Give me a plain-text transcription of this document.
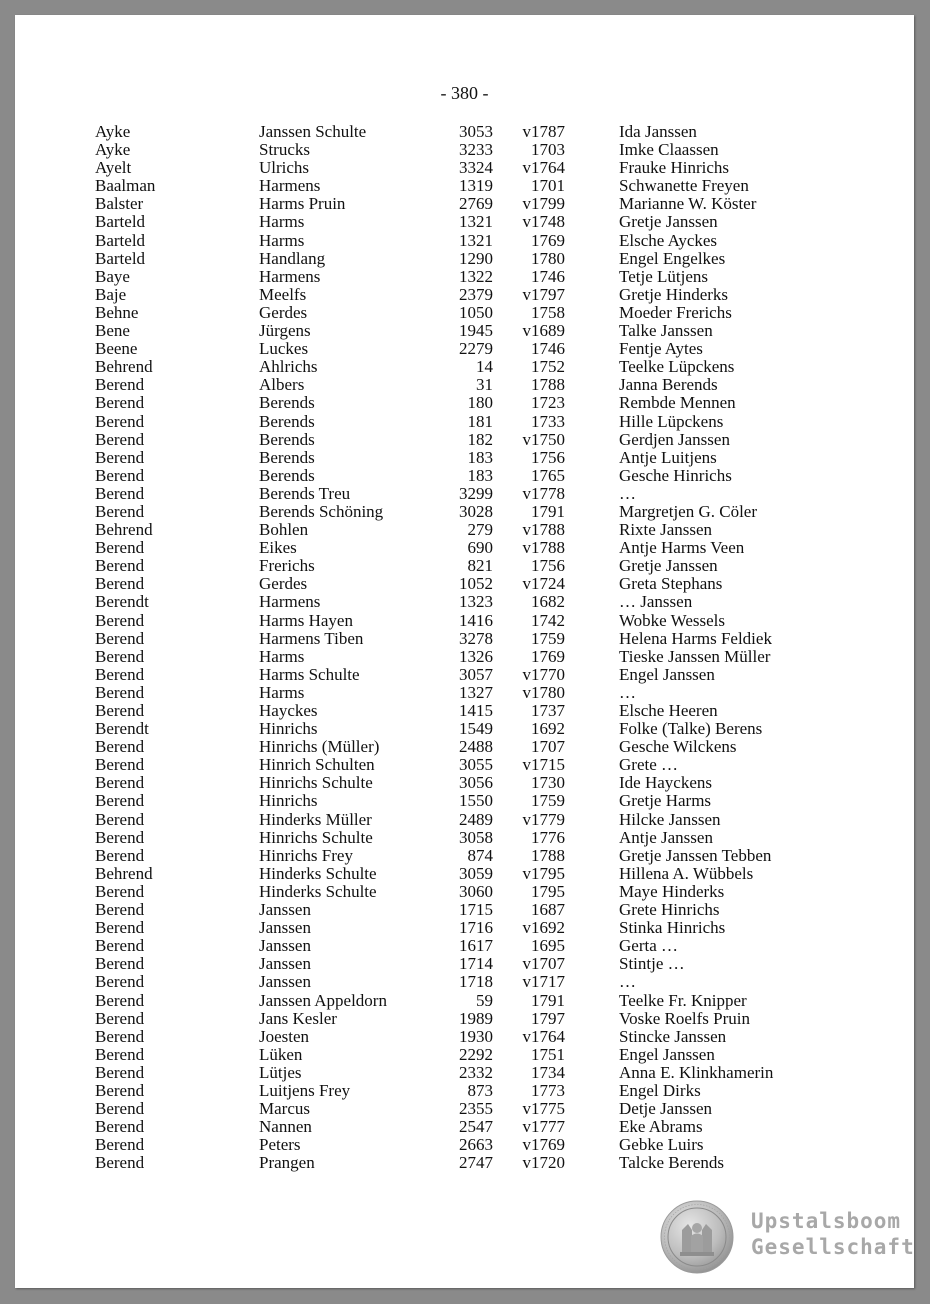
- 380 -
Ayke	Janssen Schulte	3053 v1787	Ida Janssen
Ayke	Strucks	3233 1703	Imke Claassen
Ayelt	Ulrichs	3324 v1764	Frauke Hinrichs
Baalman	Harmens	1319 1701	Schwanette Freyen
Balster	Harms Pruin	2769 v1799	Marianne W. Köster
Barteld	Harms	1321 v1748	Gretje Janssen
Barteld	Harms	1321 1769	Elsche Ayckes
Barteld	Handlang	1290 1780	Engel Engelkes
Baye	Harmens	1322 1746	Tetje Lütjens
Baje	Meelfs	2379 v1797	Gretje Hinderks
Behne	Gerdes	1050 1758	Moeder Frerichs
Bene	Jürgens	1945 v1689	Talke Janssen
Beene	Luckes	2279 1746	Fentje Aytes
Behrend	Ahlrichs	14 1752	Teelke Lüpckens
Berend	Albers	31 1788	Janna Berends
Berend	Berends	180 1723	Rembde Mennen
Berend	Berends	181 1733	Hille Lüpckens
Berend	Berends	182 v1750	Gerdjen Janssen
Berend	Berends	183 1756	Antje Luitjens
Berend	Berends	183 1765	Gesche Hinrichs
Berend	Berends Treu	3299 v1778	…
Berend	Berends Schöning	3028 1791	Margretjen G. Cöler
Behrend	Bohlen	279 v1788	Rixte Janssen
Berend	Eikes	690 v1788	Antje Harms Veen
Berend	Frerichs	821 1756	Gretje Janssen
Berend	Gerdes	1052 v1724	Greta Stephans
Berendt	Harmens	1323 1682	… Janssen
Berend	Harms Hayen	1416 1742	Wobke Wessels
Berend	Harmens Tiben	3278 1759	Helena Harms Feldiek
Berend	Harms	1326 1769	Tieske Janssen Müller
Berend	Harms Schulte	3057 v1770	Engel Janssen
Berend	Harms	1327 v1780	…
Berend	Hayckes	1415 1737	Elsche Heeren
Berendt	Hinrichs	1549 1692	Folke (Talke) Berens
Berend	Hinrichs (Müller)	2488 1707	Gesche Wilckens
Berend	Hinrich Schulten	3055 v1715	Grete …
Berend	Hinrichs Schulte	3056 1730	Ide Hayckens
Berend	Hinrichs	1550 1759	Gretje Harms
Berend	Hinderks Müller	2489 v1779	Hilcke Janssen
Berend	Hinrichs Schulte	3058 1776	Antje Janssen
Berend	Hinrichs Frey	874 1788	Gretje Janssen Tebben
Behrend	Hinderks Schulte	3059 v1795	Hillena A. Wübbels
Berend	Hinderks Schulte	3060 1795	Maye Hinderks
Berend	Janssen	1715 1687	Grete Hinrichs
Berend	Janssen	1716 v1692	Stinka Hinrichs
Berend	Janssen	1617 1695	Gerta …
Berend	Janssen	1714 v1707	Stintje …
Berend	Janssen	1718 v1717	…
Berend	Janssen Appeldorn	59 1791	Teelke Fr. Knipper
Berend	Jans Kesler	1989 1797	Voske Roelfs Pruin
Berend	Joesten	1930 v1764	Stincke Janssen
Berend	Lüken	2292 1751	Engel Janssen
Berend	Lütjes	2332 1734	Anna E. Klinkhamerin
Berend	Luitjens Frey	873 1773	Engel Dirks
Berend	Marcus	2355 v1775	Detje Janssen
Berend	Nannen	2547 v1777	Eke Abrams
Berend	Peters	2663 v1769	Gebke Luirs
Berend	Prangen	2747 v1720	Talcke Berends
Upstalsboom
Gesellschaft
